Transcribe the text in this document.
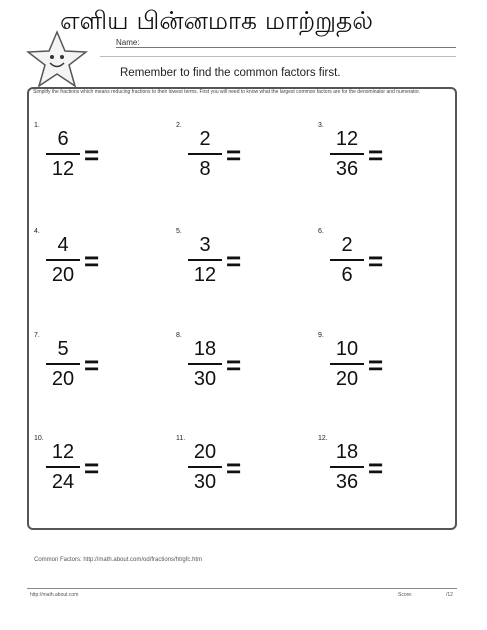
எளிய பின்னமாக மாற்றுதல்
Name:
Remember to find the common factors first.
Simplify the fractions which means reducing fractions to their lowest terms. First you will need to know what the largest common factors are for the denominator and numerator.
1.
6
12 =
2.
2
8 =
3.
12
36 =
4.
4
20 =
5.
3
12 =
6.
2
6 =
7.
5
20 =
8.
18
30 =
9.
10
20 =
10.
12
24 =
11.
20
30 =
12.
18
36 =
Common Factors: http://math.about.com/od/fractions/ht/gfc.htm
http://math.about.com	Score:	/12
